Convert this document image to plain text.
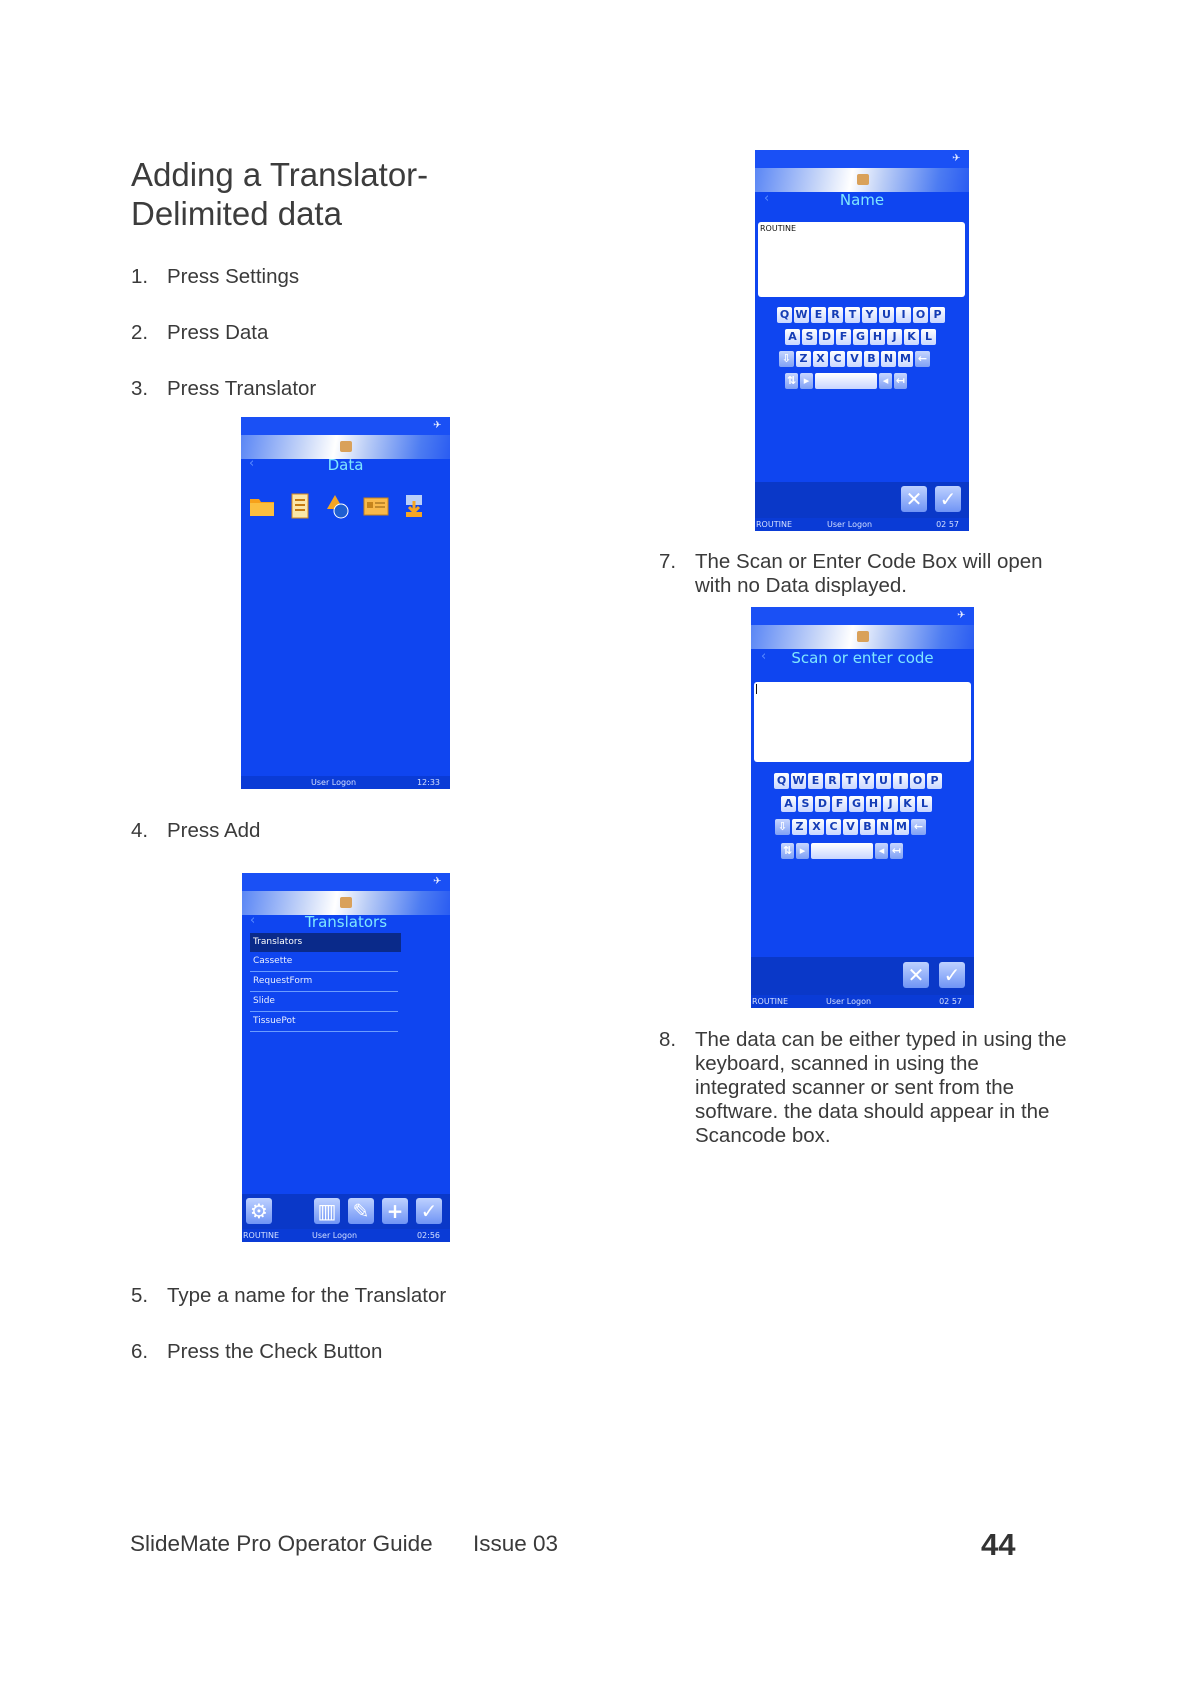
Adding a Translator-
Delimited data
1. Press Settings
2. Press Data
3. Press Translator
✈
‹	Data
User Logon	12:33
4. Press Add
✈
‹	Translators
Translators
Cassette
RequestForm
Slide
TissuePot
⚙ ▥ ✎ + ✓
ROUTINE	User Logon	02:56
5. Type a name for the Translator
6. Press the Check Button
✈
‹	Name
ROUTINE
Q W E R T Y U I O P
A S D F G H J K L
⇩ Z X C V B N M ←
⇅ ▸	◂ ↤
✕ ✓
ROUTINE	User Logon	02 57
7. The Scan or Enter Code Box will open
with no Data displayed.
✈
‹	Scan or enter code
Q W E R T Y U I O P
A S D F G H J K L
⇩ Z X C V B N M ←
⇅ ▸	◂ ↤
✕ ✓
ROUTINE	User Logon	02 57
8. The data can be either typed in using the
keyboard, scanned in using the
integrated scanner or sent from the
software. the data should appear in the
Scancode box.
SlideMate Pro Operator Guide Issue 03	44
